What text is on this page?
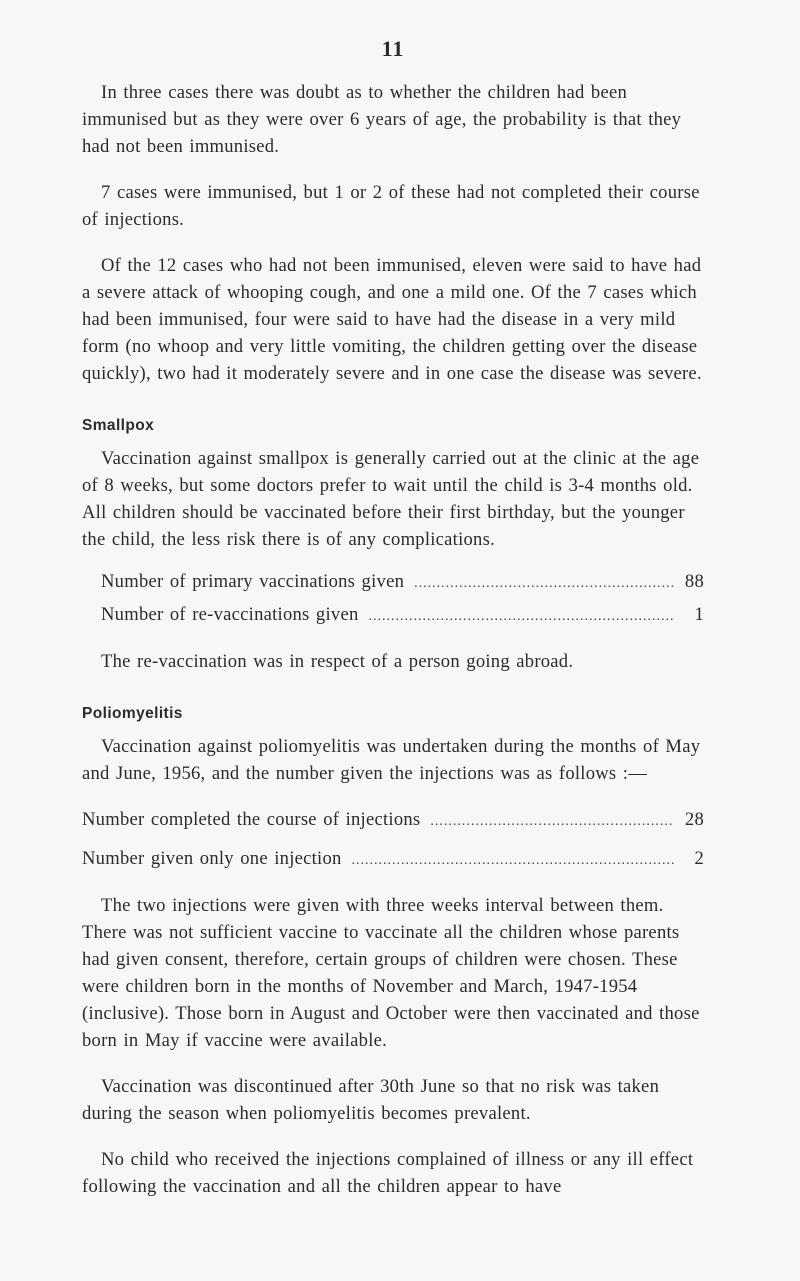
11

In three cases there was doubt as to whether the children had been immunised but as they were over 6 years of age, the probability is that they had not been immunised.

7 cases were immunised, but 1 or 2 of these had not completed their course of injections.

Of the 12 cases who had not been immunised, eleven were said to have had a severe attack of whooping cough, and one a mild one. Of the 7 cases which had been immunised, four were said to have had the disease in a very mild form (no whoop and very little vomiting, the children getting over the disease quickly), two had it moderately severe and in one case the disease was severe.

Smallpox

Vaccination against smallpox is generally carried out at the clinic at the age of 8 weeks, but some doctors prefer to wait until the child is 3-4 months old. All children should be vaccinated before their first birthday, but the younger the child, the less risk there is of any complications.

Number of primary vaccinations given .....	88
Number of re-vaccinations given .....	1

The re-vaccination was in respect of a person going abroad.

Poliomyelitis

Vaccination against poliomyelitis was undertaken during the months of May and June, 1956, and the number given the injections was as follows :—

Number completed the course of injections .....	28
Number given only one injection .....	2

The two injections were given with three weeks interval between them. There was not sufficient vaccine to vaccinate all the children whose parents had given consent, therefore, certain groups of children were chosen. These were children born in the months of November and March, 1947-1954 (inclusive). Those born in August and October were then vaccinated and those born in May if vaccine were available.

Vaccination was discontinued after 30th June so that no risk was taken during the season when poliomyelitis becomes prevalent.

No child who received the injections complained of illness or any ill effect following the vaccination and all the children appear to have
